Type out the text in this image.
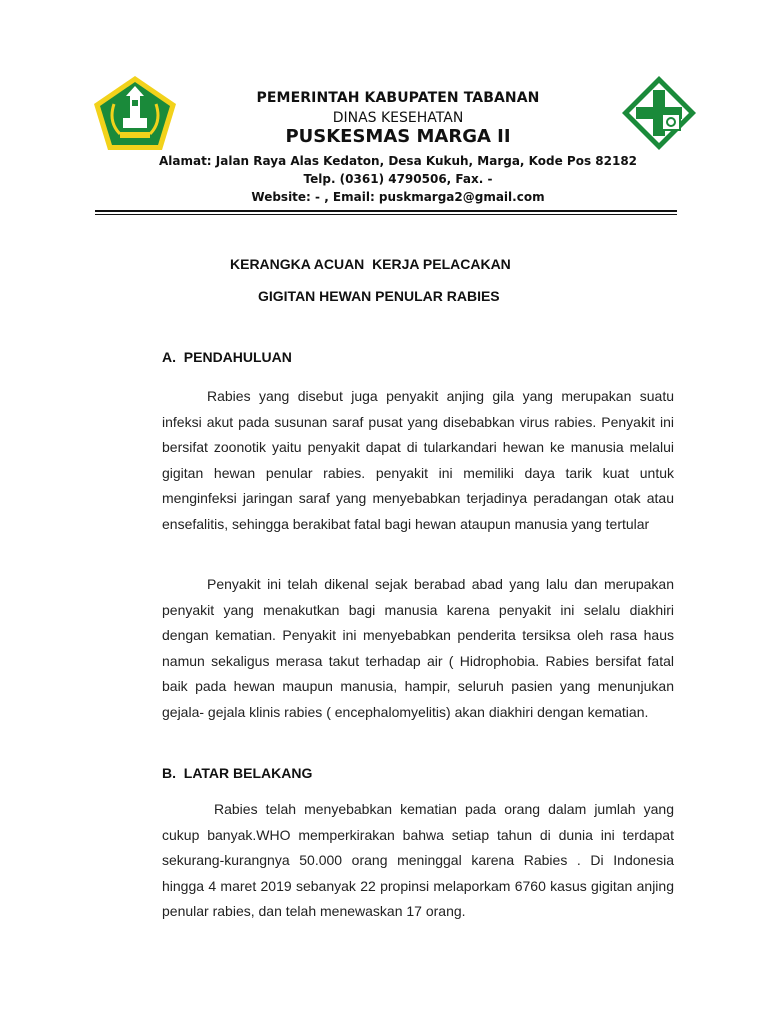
PEMERINTAH KABUPATEN TABANAN
DINAS KESEHATAN
PUSKESMAS MARGA II
Alamat: Jalan Raya Alas Kedaton, Desa Kukuh, Marga, Kode Pos 82182
Telp. (0361) 4790506, Fax. -
Website: - , Email: puskmarga2@gmail.com
KERANGKA ACUAN  KERJA PELACAKAN
GIGITAN HEWAN PENULAR RABIES
A.  PENDAHULUAN
Rabies yang disebut juga penyakit anjing gila yang merupakan suatu infeksi akut pada susunan saraf pusat yang disebabkan virus rabies. Penyakit ini bersifat zoonotik yaitu penyakit dapat di tularkandari hewan ke manusia melalui gigitan hewan penular rabies. penyakit ini memiliki daya tarik kuat untuk menginfeksi jaringan saraf yang menyebabkan terjadinya peradangan otak atau ensefalitis, sehingga berakibat fatal bagi hewan ataupun manusia yang tertular
Penyakit ini telah dikenal sejak berabad abad yang lalu dan merupakan penyakit yang menakutkan bagi manusia karena penyakit ini selalu diakhiri dengan kematian. Penyakit ini menyebabkan penderita tersiksa oleh rasa haus namun sekaligus merasa takut terhadap air ( Hidrophobia. Rabies bersifat fatal baik pada hewan maupun manusia, hampir, seluruh pasien yang menunjukan gejala- gejala klinis rabies ( encephalomyelitis) akan diakhiri dengan kematian.
B.  LATAR BELAKANG
Rabies telah menyebabkan kematian pada orang dalam jumlah yang cukup banyak.WHO memperkirakan bahwa setiap tahun di dunia ini terdapat sekurang-kurangnya 50.000 orang meninggal karena Rabies . Di Indonesia hingga 4 maret 2019 sebanyak 22 propinsi melaporkam 6760 kasus gigitan anjing penular rabies, dan telah menewaskan 17 orang.
